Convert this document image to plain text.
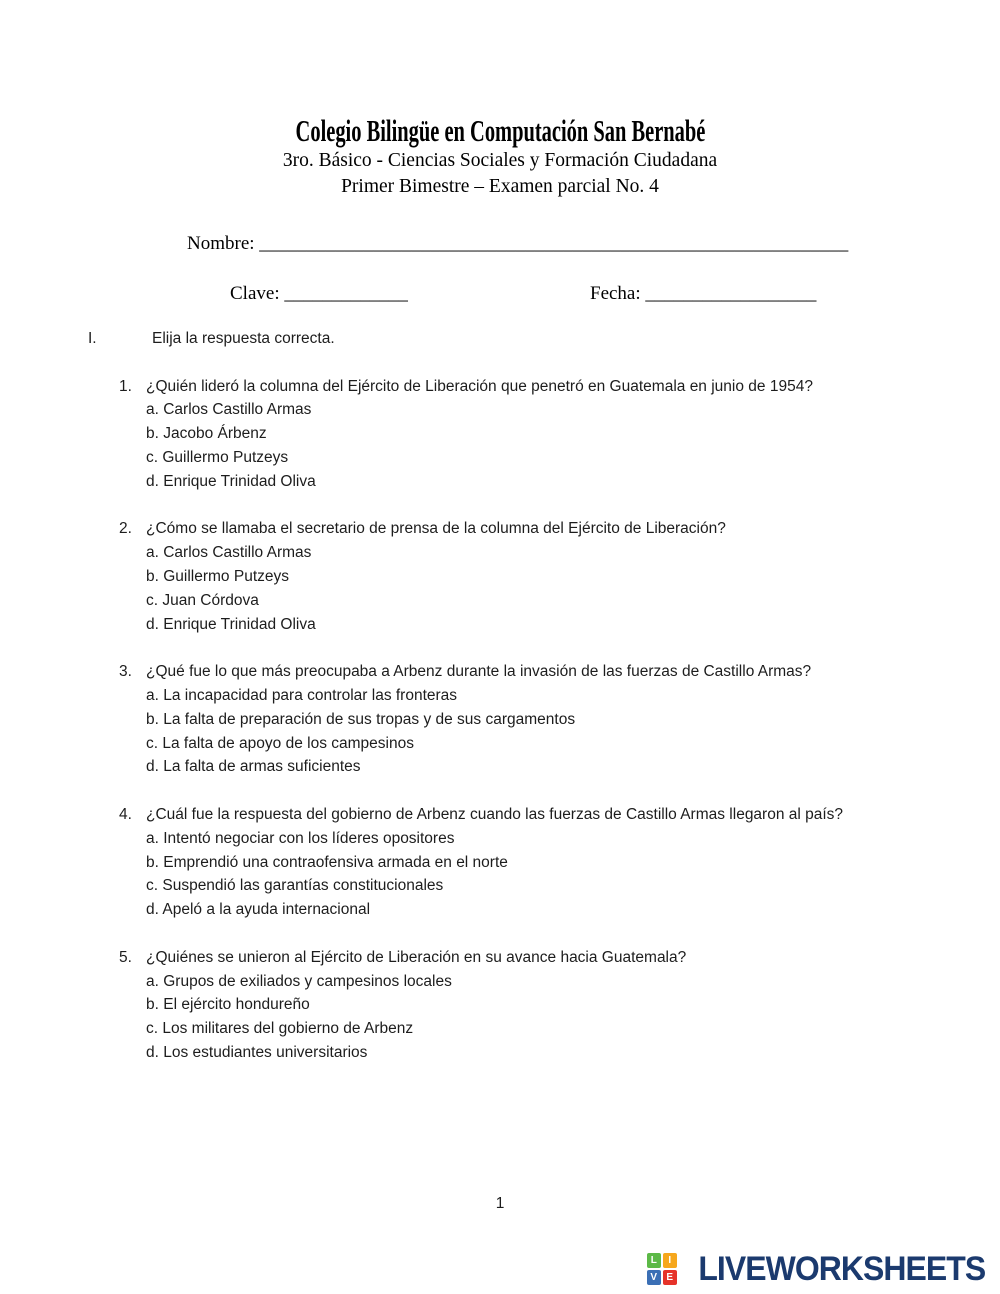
Colegio Bilingüe en Computación San Bernabé
3ro. Básico - Ciencias Sociales y Formación Ciudadana
Primer Bimestre – Examen parcial No. 4
Nombre: ______________________________________________________________
Clave: _____________	Fecha: __________________
I.	Elija la respuesta correcta.
1. ¿Quién lideró la columna del Ejército de Liberación que penetró en Guatemala en junio de 1954?
a. Carlos Castillo Armas
b. Jacobo Árbenz
c. Guillermo Putzeys
d. Enrique Trinidad Oliva
2. ¿Cómo se llamaba el secretario de prensa de la columna del Ejército de Liberación?
a. Carlos Castillo Armas
b. Guillermo Putzeys
c. Juan Córdova
d. Enrique Trinidad Oliva
3. ¿Qué fue lo que más preocupaba a Arbenz durante la invasión de las fuerzas de Castillo Armas?
a. La incapacidad para controlar las fronteras
b. La falta de preparación de sus tropas y de sus cargamentos
c. La falta de apoyo de los campesinos
d. La falta de armas suficientes
4. ¿Cuál fue la respuesta del gobierno de Arbenz cuando las fuerzas de Castillo Armas llegaron al país?
a. Intentó negociar con los líderes opositores
b. Emprendió una contraofensiva armada en el norte
c. Suspendió las garantías constitucionales
d. Apeló a la ayuda internacional
5. ¿Quiénes se unieron al Ejército de Liberación en su avance hacia Guatemala?
a. Grupos de exiliados y campesinos locales
b. El ejército hondureño
c. Los militares del gobierno de Arbenz
d. Los estudiantes universitarios
1
L	I
V E LIVEWORKSHEETS
